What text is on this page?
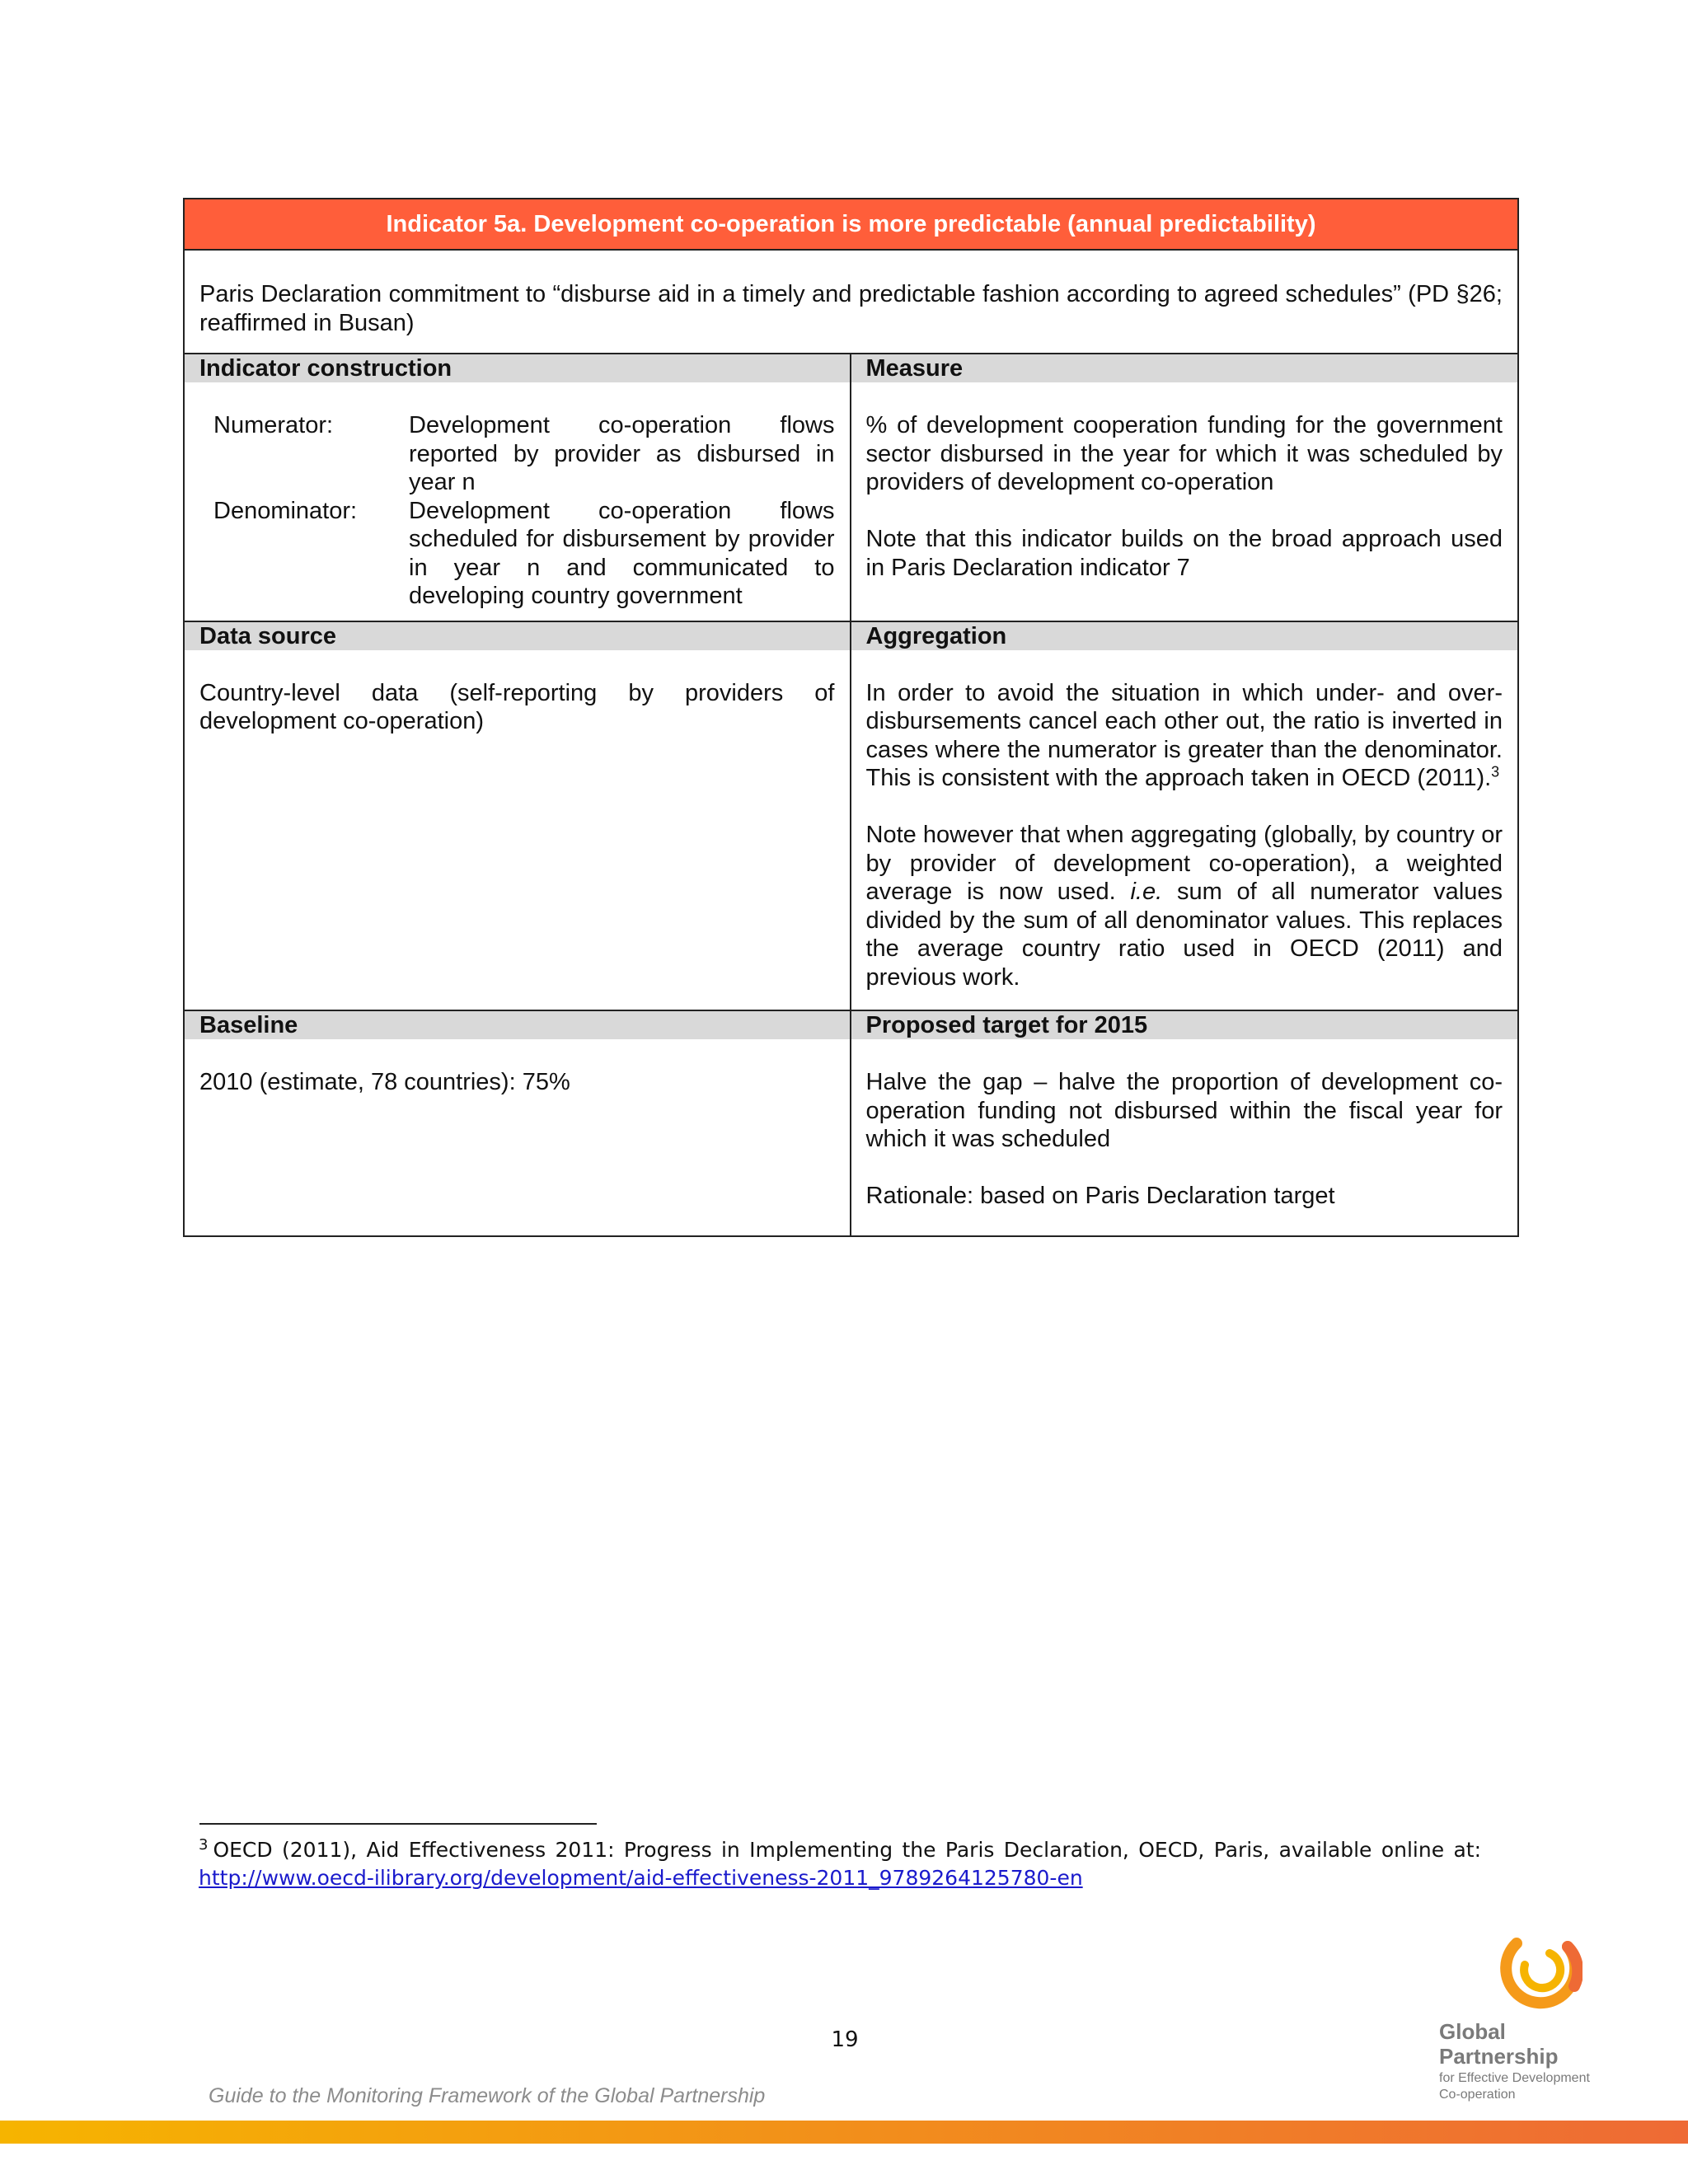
Indicator 5a. Development co-operation is more predictable (annual predictability)
Paris Declaration commitment to “disburse aid in a timely and predictable fashion according to agreed schedules” (PD §26; reaffirmed in Busan)
Indicator construction
Numerator:	Development co-operation flows reported by provider as disbursed in year n
Denominator:	Development co-operation flows scheduled for disbursement by provider in year n and communicated to developing country government
Measure
% of development cooperation funding for the government sector disbursed in the year for which it was scheduled by providers of development co-operation
Note that this indicator builds on the broad approach used in Paris Declaration indicator 7
Data source
Country-level data (self-reporting by providers of development co-operation)
Aggregation
In order to avoid the situation in which under- and over-disbursements cancel each other out, the ratio is inverted in cases where the numerator is greater than the denominator. This is consistent with the approach taken in OECD (2011).$^3$
Note however that when aggregating (globally, by country or by provider of development co-operation), a weighted average is now used. i.e. sum of all numerator values divided by the sum of all denominator values. This replaces the average country ratio used in OECD (2011) and previous work.
Baseline
2010 (estimate, 78 countries): 75%
Proposed target for 2015
Halve the gap – halve the proportion of development co-operation funding not disbursed within the fiscal year for which it was scheduled
Rationale: based on Paris Declaration target
$^3$ OECD (2011), Aid Effectiveness 2011: Progress in Implementing the Paris Declaration, OECD, Paris, available online at: http://www.oecd-ilibrary.org/development/aid-effectiveness-2011_9789264125780-en
19
Guide to the Monitoring Framework of the Global Partnership
Global
Partnership
for Effective Development
Co-operation
